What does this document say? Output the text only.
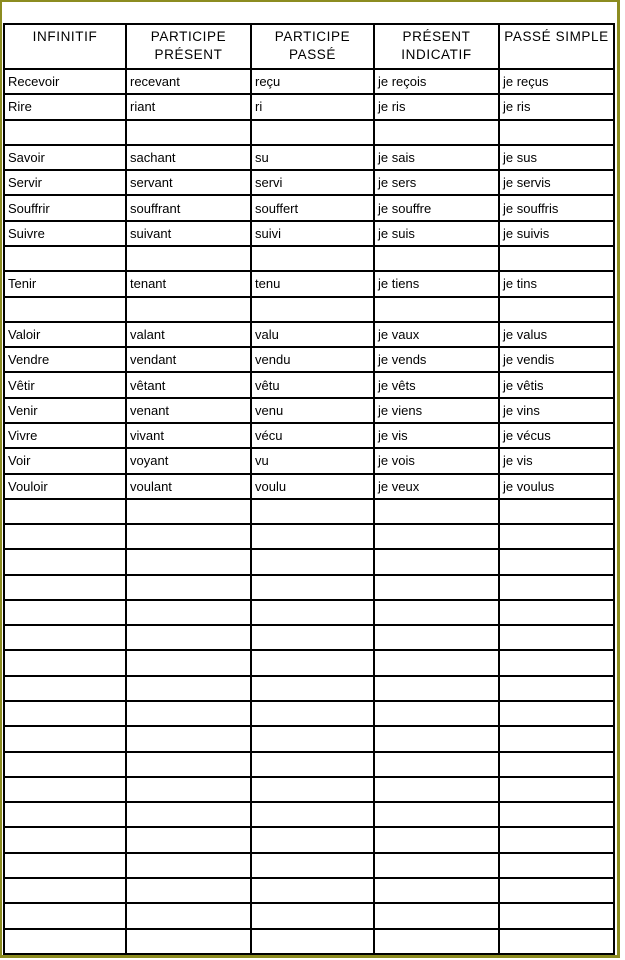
INFINITIF	PARTICIPE PRÉSENT	PARTICIPE PASSÉ	PRÉSENT INDICATIF	PASSÉ SIMPLE
Recevoir	recevant	reçu	je reçois	je reçus
Rire	riant	ri	je ris	je ris

Savoir	sachant	su	je sais	je sus
Servir	servant	servi	je sers	je servis
Souffrir	souffrant	souffert	je souffre	je souffris
Suivre	suivant	suivi	je suis	je suivis

Tenir	tenant	tenu	je tiens	je tins

Valoir	valant	valu	je vaux	je valus
Vendre	vendant	vendu	je vends	je vendis
Vêtir	vêtant	vêtu	je vêts	je vêtis
Venir	venant	venu	je viens	je vins
Vivre	vivant	vécu	je vis	je vécus
Voir	voyant	vu	je vois	je vis
Vouloir	voulant	voulu	je veux	je voulus
